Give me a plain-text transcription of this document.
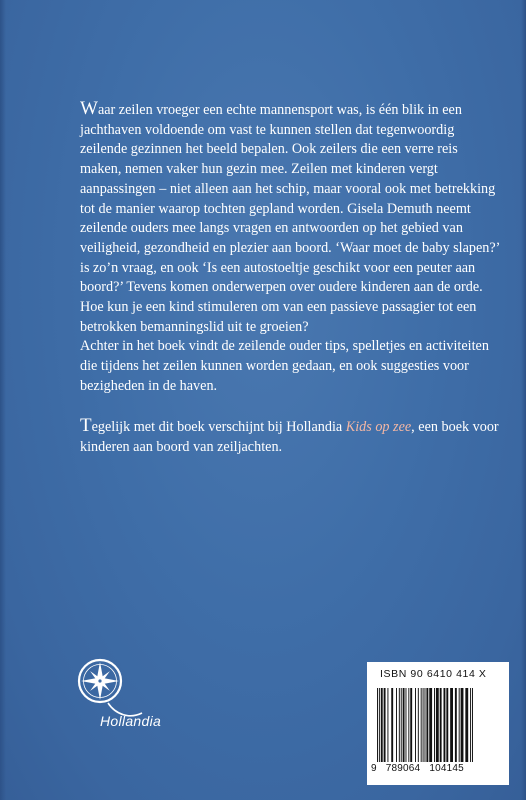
Waar zeilen vroeger een echte mannensport was, is één blik in een jachthaven voldoende om vast te kunnen stellen dat tegenwoordig zeilende gezinnen het beeld bepalen. Ook zeilers die een verre reis maken, nemen vaker hun gezin mee. Zeilen met kinderen vergt aanpassingen – niet alleen aan het schip, maar vooral ook met betrekking tot de manier waarop tochten gepland worden. Gisela Demuth neemt zeilende ouders mee langs vragen en antwoorden op het gebied van veiligheid, gezondheid en plezier aan boord. ‘Waar moet de baby slapen?’ is zo’n vraag, en ook ‘Is een autostoeltje geschikt voor een peuter aan boord?’ Tevens komen onderwerpen over oudere kinderen aan de orde. Hoe kun je een kind stimuleren om van een passieve passagier tot een betrokken bemanningslid uit te groeien?
Achter in het boek vindt de zeilende ouder tips, spelletjes en activiteiten die tijdens het zeilen kunnen worden gedaan, en ook suggesties voor bezigheden in de haven.

Tegelijk met dit boek verschijnt bij Hollandia Kids op zee, een boek voor kinderen aan boord van zeiljachten.

Hollandia
ISBN 90 6410 414 X
9 789064 104145
